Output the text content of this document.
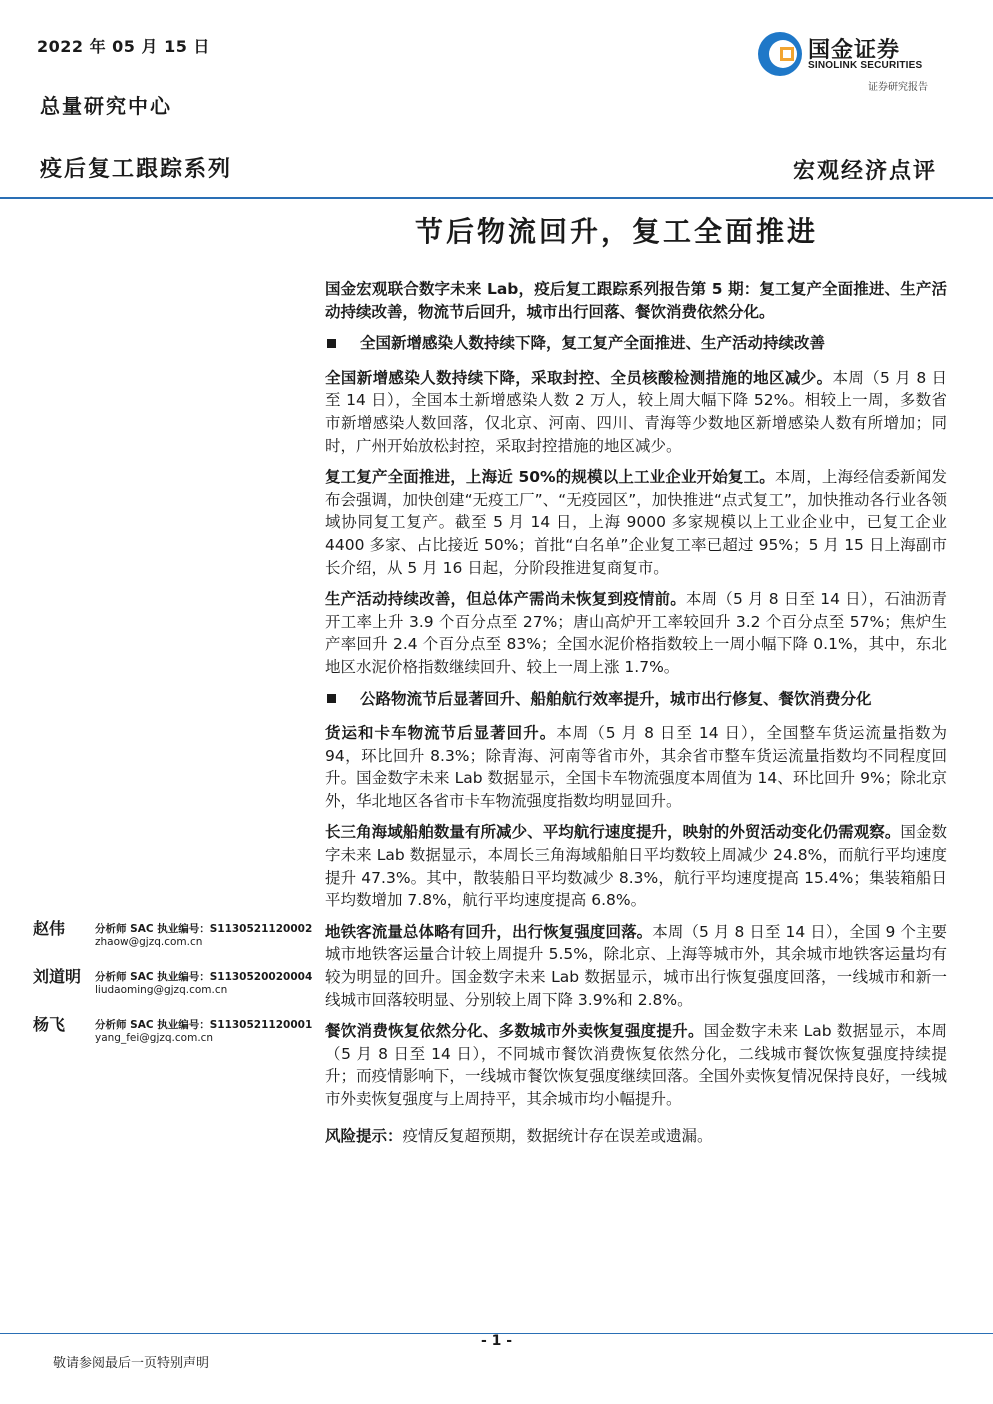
2022 年 05 月 15 日
总量研究中心
疫后复工跟踪系列	宏观经济点评
国金证券
SINOLINK SECURITIES
证券研究报告
节后物流回升，复工全面推进

国金宏观联合数字未来 Lab，疫后复工跟踪系列报告第 5 期：复工复产全面推进、生产活动持续改善，物流节后回升，城市出行回落、餐饮消费依然分化。

全国新增感染人数持续下降，复工复产全面推进、生产活动持续改善

全国新增感染人数持续下降，采取封控、全员核酸检测措施的地区减少。本周（5 月 8 日至 14 日），全国本土新增感染人数 2 万人，较上周大幅下降 52%。相较上一周，多数省市新增感染人数回落，仅北京、河南、四川、青海等少数地区新增感染人数有所增加；同时，广州开始放松封控，采取封控措施的地区减少。

复工复产全面推进，上海近 50%的规模以上工业企业开始复工。本周，上海经信委新闻发布会强调，加快创建“无疫工厂”、“无疫园区”，加快推进“点式复工”，加快推动各行业各领域协同复工复产。截至 5 月 14 日，上海 9000 多家规模以上工业企业中，已复工企业 4400 多家、占比接近 50%；首批“白名单”企业复工率已超过 95%；5 月 15 日上海副市长介绍，从 5 月 16 日起，分阶段推进复商复市。

生产活动持续改善，但总体产需尚未恢复到疫情前。本周（5 月 8 日至 14 日），石油沥青开工率上升 3.9 个百分点至 27%；唐山高炉开工率较回升 3.2 个百分点至 57%；焦炉生产率回升 2.4 个百分点至 83%；全国水泥价格指数较上一周小幅下降 0.1%，其中，东北地区水泥价格指数继续回升、较上一周上涨 1.7%。

公路物流节后显著回升、船舶航行效率提升，城市出行修复、餐饮消费分化

货运和卡车物流节后显著回升。本周（5 月 8 日至 14 日），全国整车货运流量指数为 94，环比回升 8.3%；除青海、河南等省市外，其余省市整车货运流量指数均不同程度回升。国金数字未来 Lab 数据显示，全国卡车物流强度本周值为 14、环比回升 9%；除北京外，华北地区各省市卡车物流强度指数均明显回升。

长三角海域船舶数量有所减少、平均航行速度提升，映射的外贸活动变化仍需观察。国金数字未来 Lab 数据显示，本周长三角海域船舶日平均数较上周减少 24.8%，而航行平均速度提升 47.3%。其中，散装船日平均数减少 8.3%，航行平均速度提高 15.4%；集装箱船日平均数增加 7.8%，航行平均速度提高 6.8%。

地铁客流量总体略有回升，出行恢复强度回落。本周（5 月 8 日至 14 日），全国 9 个主要城市地铁客运量合计较上周提升 5.5%，除北京、上海等城市外，其余城市地铁客运量均有较为明显的回升。国金数字未来 Lab 数据显示，城市出行恢复强度回落，一线城市和新一线城市回落较明显、分别较上周下降 3.9%和 2.8%。

餐饮消费恢复依然分化、多数城市外卖恢复强度提升。国金数字未来 Lab 数据显示，本周（5 月 8 日至 14 日），不同城市餐饮消费恢复依然分化，二线城市餐饮恢复强度持续提升；而疫情影响下，一线城市餐饮恢复强度继续回落。全国外卖恢复情况保持良好，一线城市外卖恢复强度与上周持平，其余城市均小幅提升。

风险提示：疫情反复超预期，数据统计存在误差或遗漏。

赵伟	分析师 SAC 执业编号：S1130521120002
zhaow@gjzq.com.cn
刘道明 分析师 SAC 执业编号：S1130520020004
liudaoming@gjzq.com.cn
杨飞	分析师 SAC 执业编号：S1130521120001
yang_fei@gjzq.com.cn
- 1 -
敬请参阅最后一页特别声明
